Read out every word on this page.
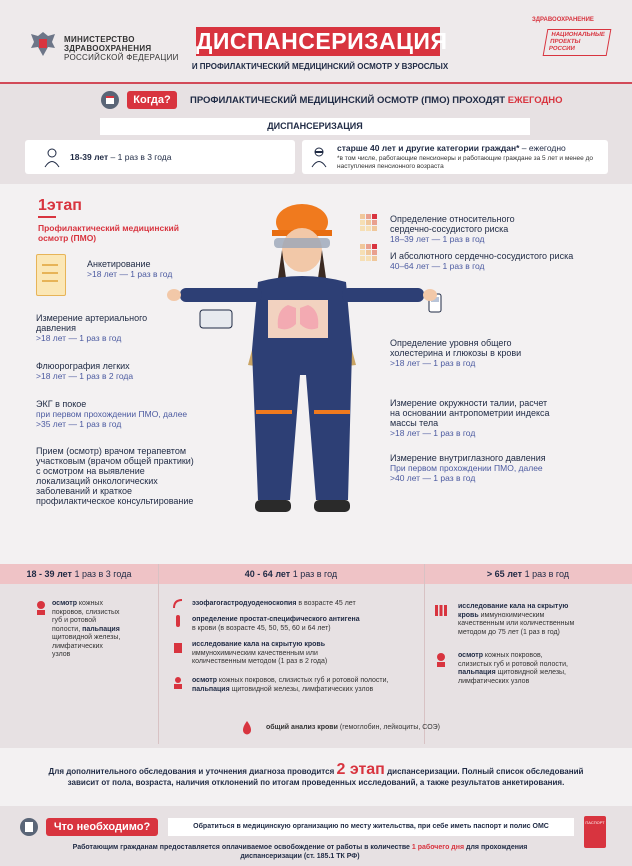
МИНИСТЕРСТВО
ЗДРАВООХРАНЕНИЯ
РОССИЙСКОЙ ФЕДЕРАЦИИ
ДИСПАНСЕРИЗАЦИЯ
И ПРОФИЛАКТИЧЕСКИЙ МЕДИЦИНСКИЙ ОСМОТР У ВЗРОСЛЫХ
ЗДРАВООХРАНЕНИЕ
НАЦИОНАЛЬНЫЕ
ПРОЕКТЫ
РОССИИ
Когда?	ПРОФИЛАКТИЧЕСКИЙ МЕДИЦИНСКИЙ ОСМОТР (ПМО) ПРОХОДЯТ ЕЖЕГОДНО
ДИСПАНСЕРИЗАЦИЯ
18-39 лет – 1 раз в 3 года
старше 40 лет и другие категории граждан* – ежегодно
*в том числе, работающие пенсионеры и работающие граждане за 5 лет и менее до наступления пенсионного возраста
1этап
Профилактический медицинский
осмотр (ПМО)
Анкетирование
>18 лет — 1 раз в год
Измерение артериального
давления
>18 лет — 1 раз в год
Флюорография легких
>18 лет — 1 раз в 2 года
ЭКГ в покое
при первом прохождении ПМО, далее
>35 лет — 1 раз в год
Прием (осмотр) врачом терапевтом
участковым (врачом общей практики)
с осмотром на выявление
локализаций онкологических
заболеваний и краткое
профилактическое консультирование
Определение относительного
сердечно-сосудистого риска
18–39 лет — 1 раз в год
И абсолютного сердечно-сосудистого риска
40–64 лет — 1 раз в год
Определение уровня общего
холестерина и глюкозы в крови
>18 лет — 1 раз в год
Измерение окружности талии, расчет
на основании антропометрии индекса
массы тела
>18 лет — 1 раз в год
Измерение внутриглазного давления
При первом прохождении ПМО, далее
>40 лет — 1 раз в год
18 - 39 лет 1 раз в 3 года	40 - 64 лет 1 раз в год	> 65 лет 1 раз в год
осмотр кожных
покровов, слизистых
губ и ротовой
полости, пальпация
щитовидной железы,
лимфатических
узлов
эзофагогастродуоденоскопия в возрасте 45 лет
определение простат-специфического антигена
в крови (в возрасте 45, 50, 55, 60 и 64 лет)
исследование кала на скрытую кровь
иммунохимическим качественным или
количественным методом (1 раз в 2 года)
осмотр кожных покровов, слизистых губ и ротовой полости,
пальпация щитовидной железы, лимфатических узлов
исследование кала на скрытую
кровь иммунохимическим
качественным или количественным
методом до 75 лет (1 раз в год)
осмотр кожных покровов,
слизистых губ и ротовой полости,
пальпация щитовидной железы,
лимфатических узлов
общий анализ крови (гемоглобин, лейкоциты, СОЭ)
Для дополнительного обследования и уточнения диагноза проводится 2 этап диспансеризации. Полный список обследований
зависит от пола, возраста, наличия отклонений по итогам проведенных исследований, а также результатов анкетирования.
Что необходимо?	Обратиться в медицинскую организацию по месту жительства, при себе иметь паспорт и полис ОМС
ПАСПОРТ
Работающим гражданам предоставляется оплачиваемое освобождение от работы в количестве 1 рабочего дня для прохождения
диспансеризации (ст. 185.1 ТК РФ)
